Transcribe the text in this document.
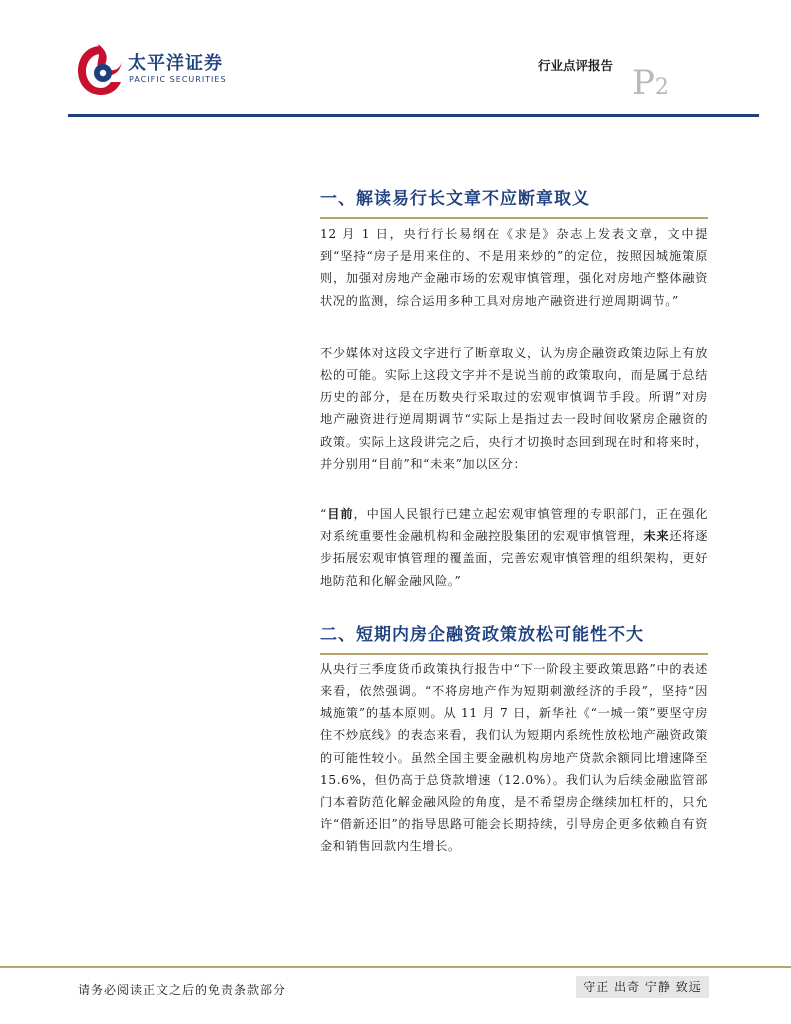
太平洋证券
PACIFIC SECURITIES
行业点评报告 P2
一、解读易行长文章不应断章取义

12 月 1 日，央行行长易纲在《求是》杂志上发表文章，文中提到“坚持“房子是用来住的、不是用来炒的”的定位，按照因城施策原则，加强对房地产金融市场的宏观审慎管理，强化对房地产整体融资状况的监测，综合运用多种工具对房地产融资进行逆周期调节。”

不少媒体对这段文字进行了断章取义，认为房企融资政策边际上有放松的可能。实际上这段文字并不是说当前的政策取向，而是属于总结历史的部分，是在历数央行采取过的宏观审慎调节手段。所谓”对房地产融资进行逆周期调节“实际上是指过去一段时间收紧房企融资的政策。实际上这段讲完之后，央行才切换时态回到现在时和将来时，并分别用“目前”和“未来”加以区分：

“目前，中国人民银行已建立起宏观审慎管理的专职部门，正在强化对系统重要性金融机构和金融控股集团的宏观审慎管理，未来还将逐步拓展宏观审慎管理的覆盖面，完善宏观审慎管理的组织架构，更好地防范和化解金融风险。”

二、短期内房企融资政策放松可能性不大

从央行三季度货币政策执行报告中“下一阶段主要政策思路”中的表述来看，依然强调。“不将房地产作为短期刺激经济的手段”，坚持“因城施策”的基本原则。从 11 月 7 日，新华社《“一城一策”要坚守房住不炒底线》的表态来看，我们认为短期内系统性放松地产融资政策的可能性较小。虽然全国主要金融机构房地产贷款余额同比增速降至 15.6%，但仍高于总贷款增速（12.0%）。我们认为后续金融监管部门本着防范化解金融风险的角度，是不希望房企继续加杠杆的，只允许“借新还旧”的指导思路可能会长期持续，引导房企更多依赖自有资金和销售回款内生增长。

请务必阅读正文之后的免责条款部分	守正 出奇 宁静 致远
